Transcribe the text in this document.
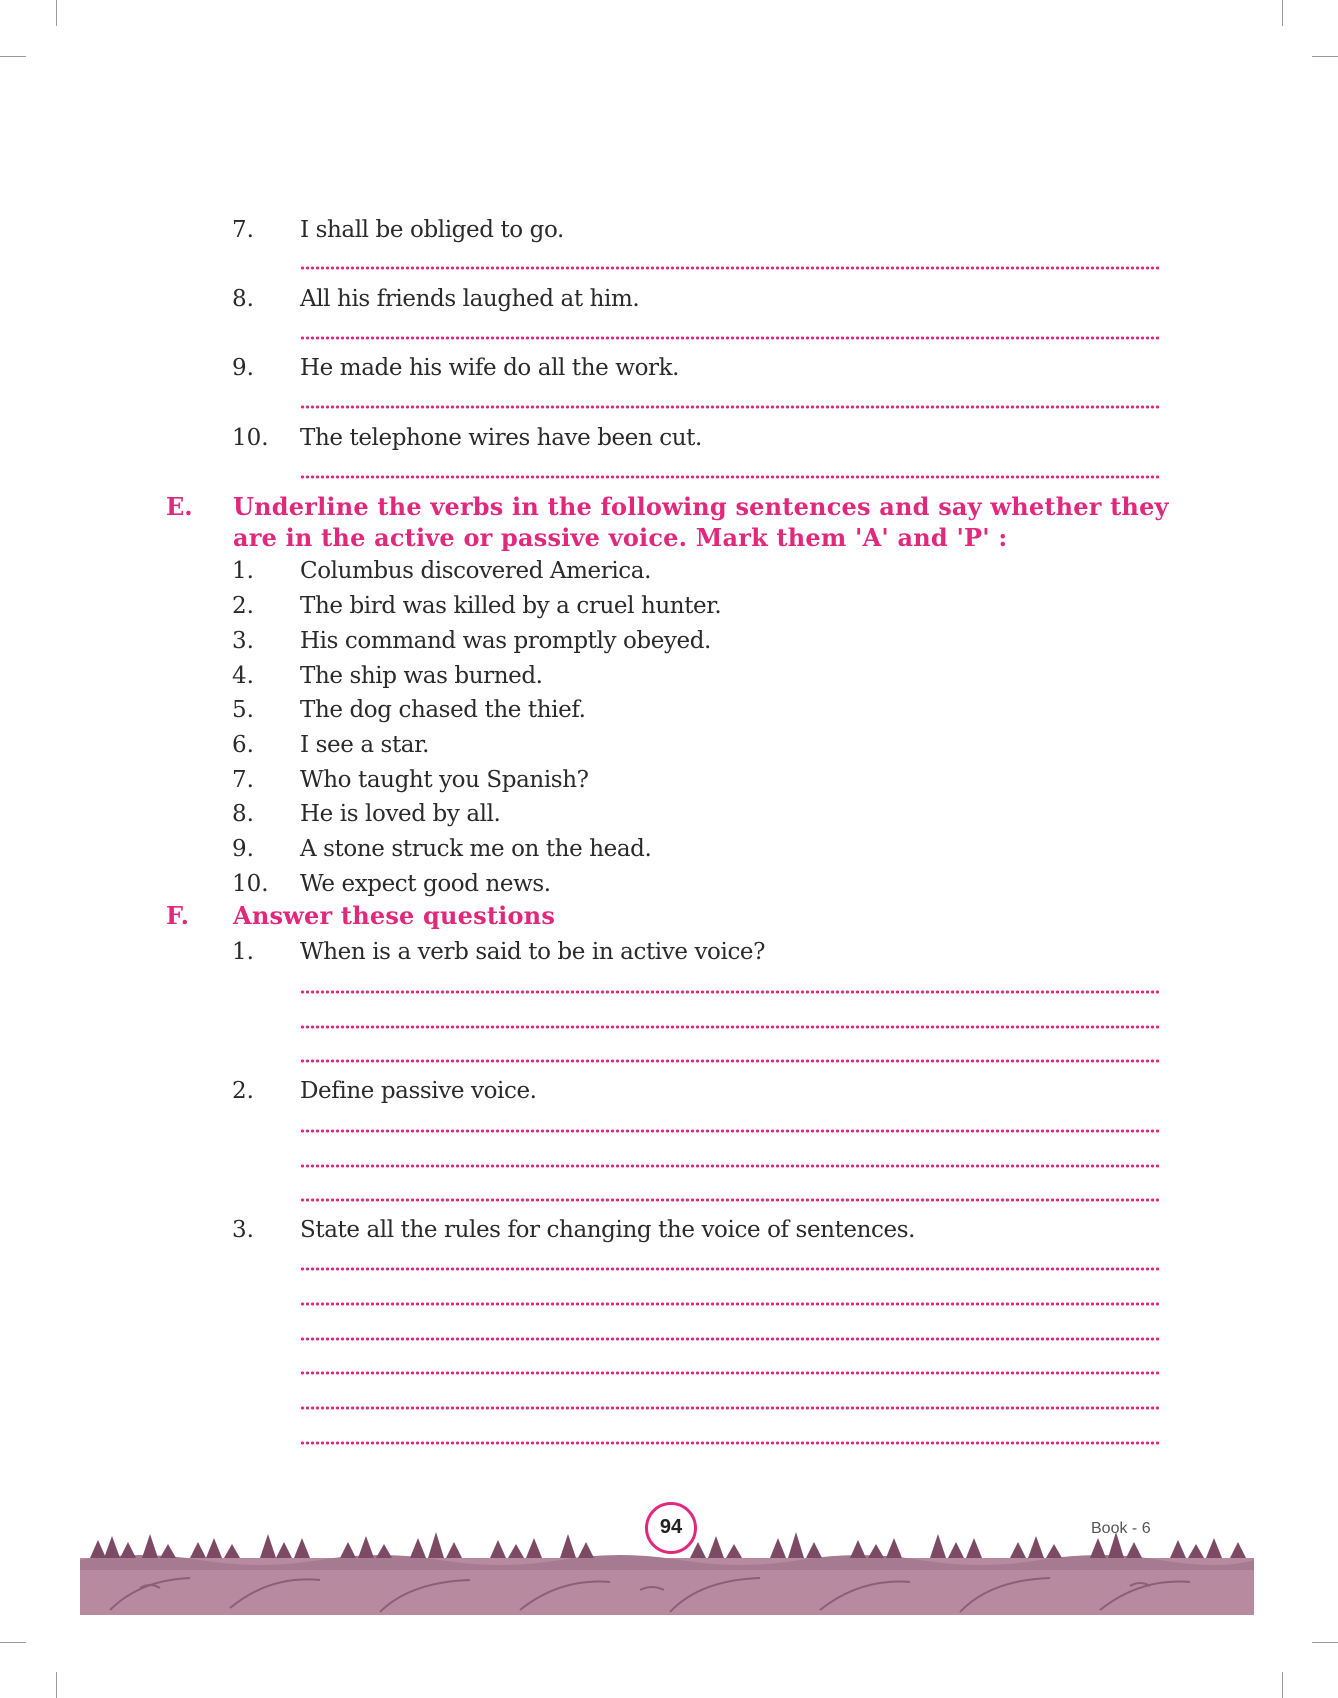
7. I shall be obliged to go.
8. All his friends laughed at him.
9. He made his wife do all the work.
10. The telephone wires have been cut.
E. Underline the verbs in the following sentences and say whether they are in the active or passive voice. Mark them 'A' and 'P' :
1. Columbus discovered America.
2. The bird was killed by a cruel hunter.
3. His command was promptly obeyed.
4. The ship was burned.
5. The dog chased the thief.
6. I see a star.
7. Who taught you Spanish?
8. He is loved by all.
9. A stone struck me on the head.
10. We expect good news.
F. Answer these questions
1. When is a verb said to be in active voice?
2. Define passive voice.
3. State all the rules for changing the voice of sentences.
94	Book - 6
